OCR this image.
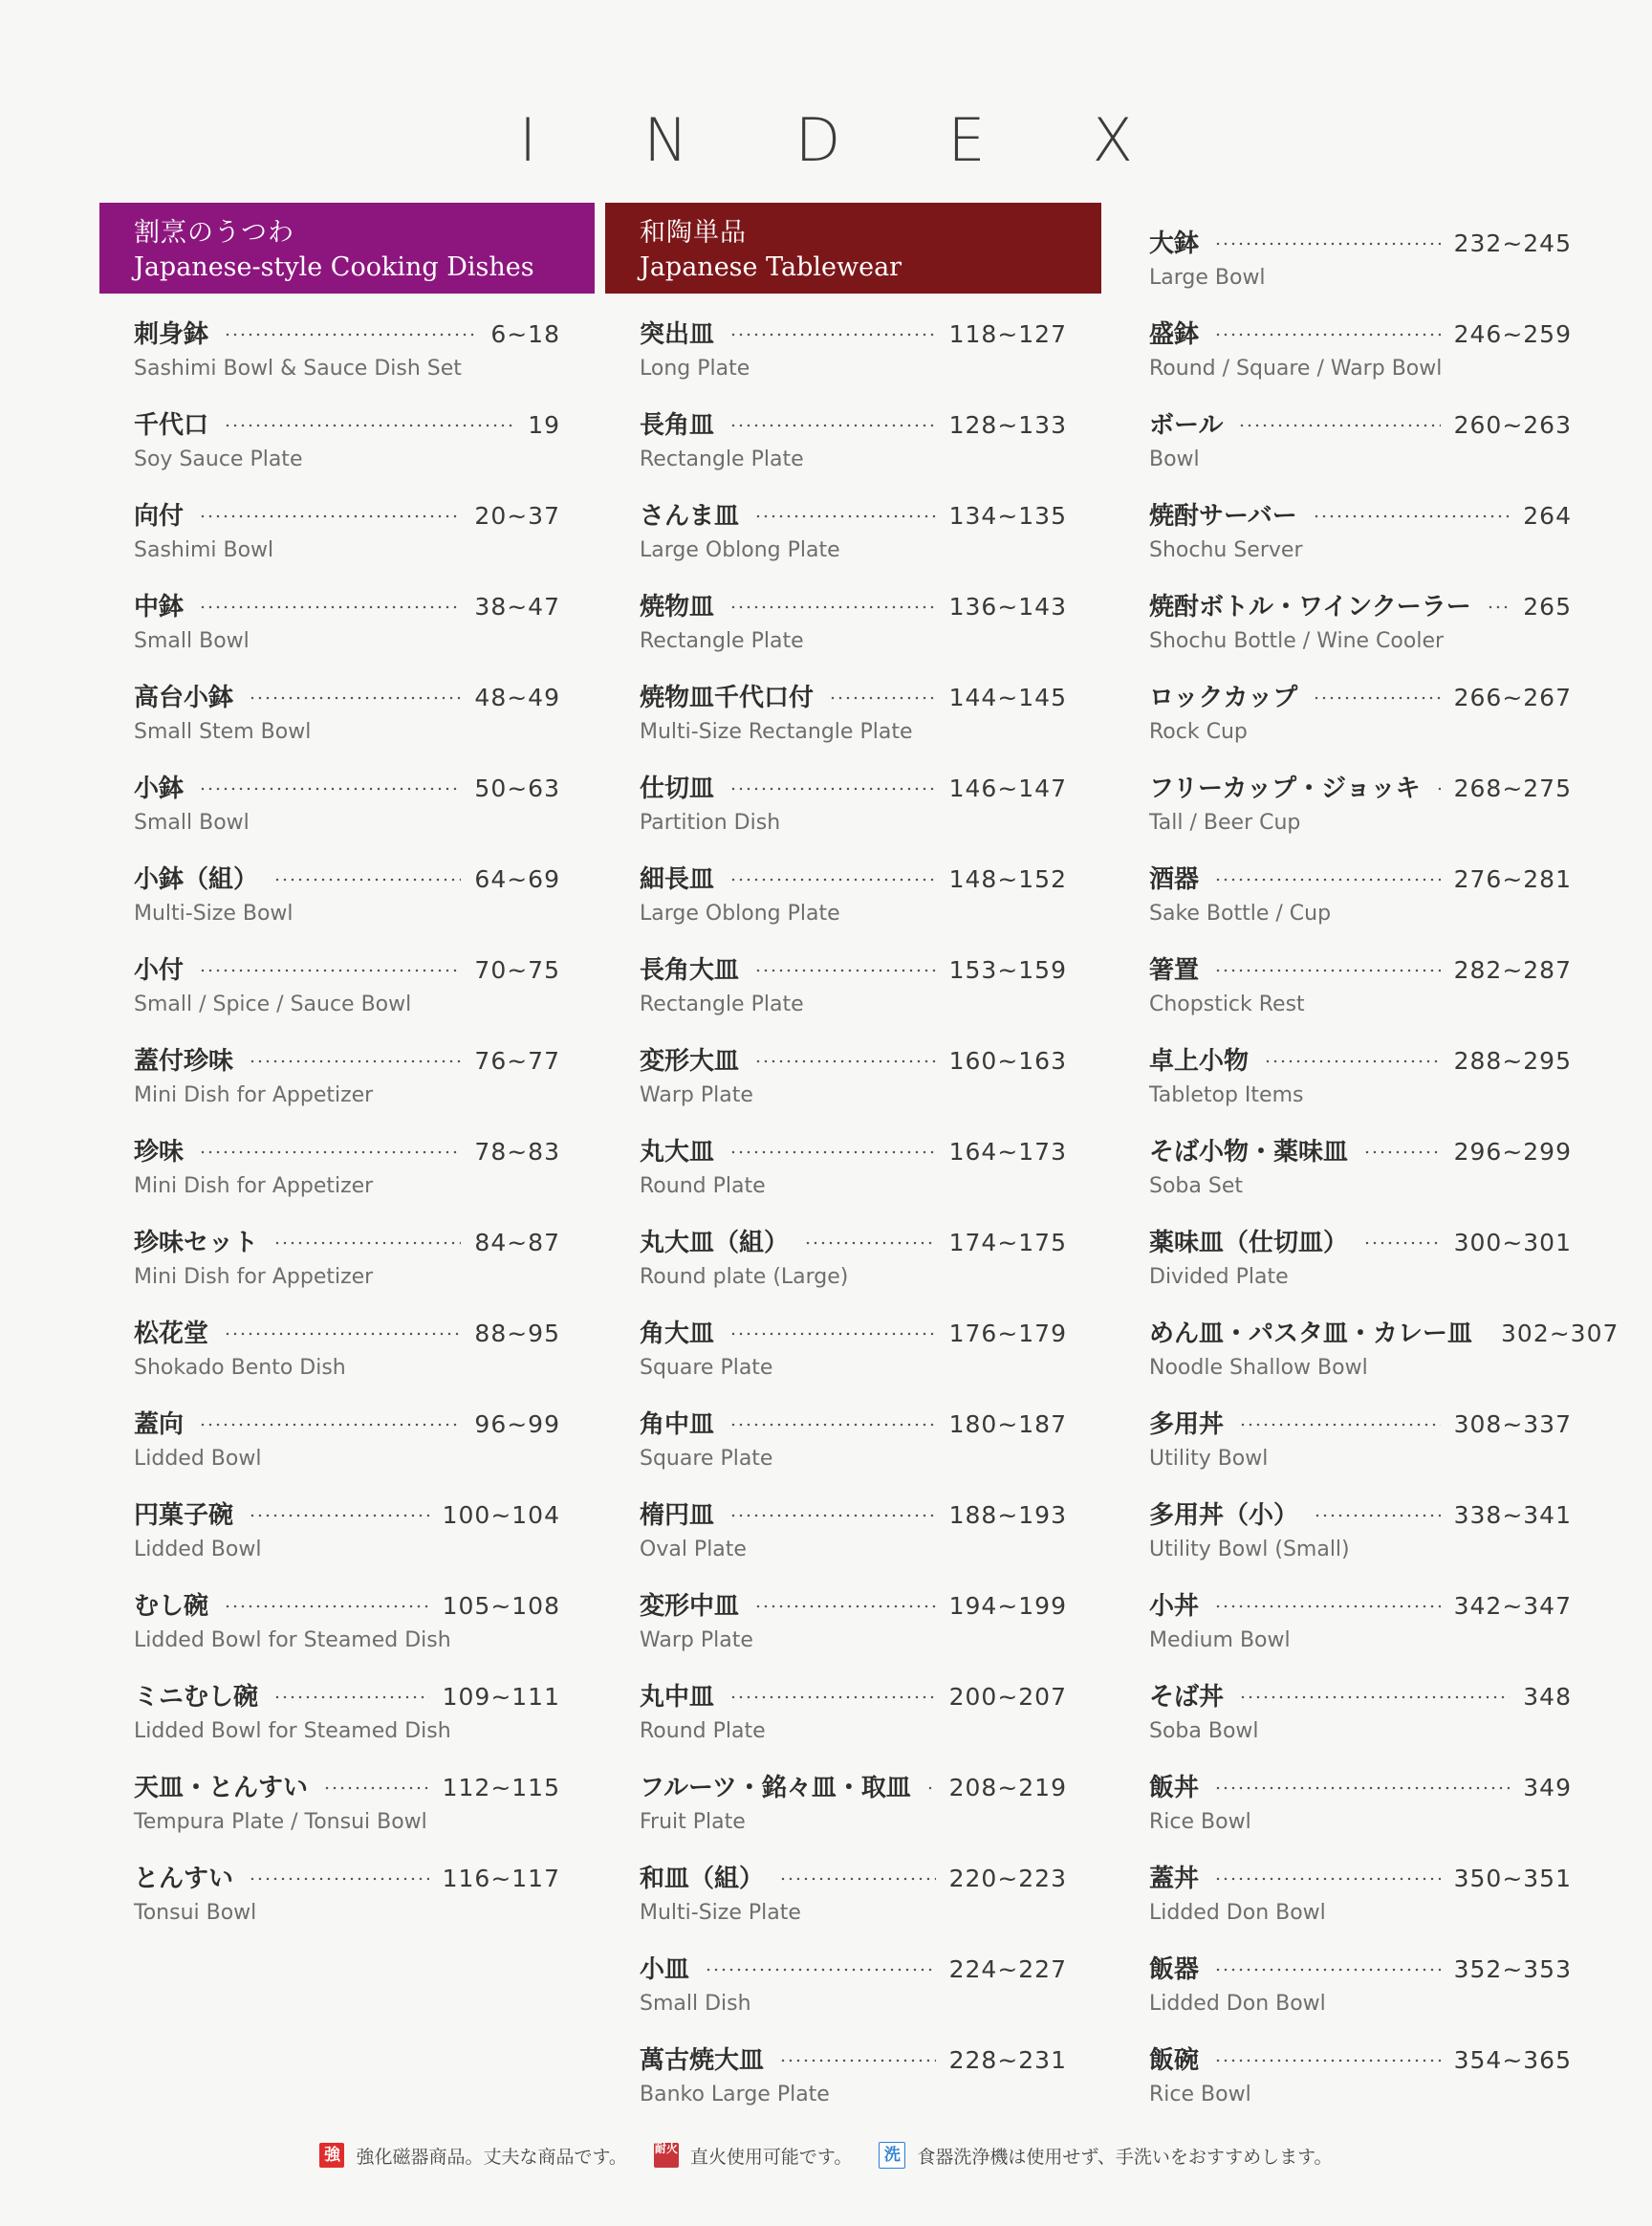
INDEX
割烹のうつわ
Japanese-style Cooking Dishes
刺身鉢	6~18
Sashimi Bowl & Sauce Dish Set
千代口	19
Soy Sauce Plate
向付	20~37
Sashimi Bowl
中鉢	38~47
Small Bowl
高台小鉢	48~49
Small Stem Bowl
小鉢	50~63
Small Bowl
小鉢（組）	64~69
Multi-Size Bowl
小付	70~75
Small / Spice / Sauce Bowl
蓋付珍味	76~77
Mini Dish for Appetizer
珍味	78~83
Mini Dish for Appetizer
珍味セット	84~87
Mini Dish for Appetizer
松花堂	88~95
Shokado Bento Dish
蓋向	96~99
Lidded Bowl
円菓子碗	100~104
Lidded Bowl
むし碗	105~108
Lidded Bowl for Steamed Dish
ミニむし碗	109~111
Lidded Bowl for Steamed Dish
天皿・とんすい	112~115
Tempura Plate / Tonsui Bowl
とんすい	116~117
Tonsui Bowl
和陶単品
Japanese Tablewear
突出皿	118~127
Long Plate
長角皿	128~133
Rectangle Plate
さんま皿	134~135
Large Oblong Plate
焼物皿	136~143
Rectangle Plate
焼物皿千代口付	144~145
Multi-Size Rectangle Plate
仕切皿	146~147
Partition Dish
細長皿	148~152
Large Oblong Plate
長角大皿	153~159
Rectangle Plate
変形大皿	160~163
Warp Plate
丸大皿	164~173
Round Plate
丸大皿（組）	174~175
Round plate (Large)
角大皿	176~179
Square Plate
角中皿	180~187
Square Plate
楕円皿	188~193
Oval Plate
変形中皿	194~199
Warp Plate
丸中皿	200~207
Round Plate
フルーツ・銘々皿・取皿 208~219
Fruit Plate
和皿（組）	220~223
Multi-Size Plate
小皿	224~227
Small Dish
萬古焼大皿	228~231
Banko Large Plate
大鉢	232~245
Large Bowl
盛鉢	246~259
Round / Square / Warp Bowl
ボール	260~263
Bowl
焼酎サーバー	264
Shochu Server
焼酎ボトル・ワインクーラー 265
Shochu Bottle / Wine Cooler
ロックカップ	266~267
Rock Cup
フリーカップ・ジョッキ 268~275
Tall / Beer Cup
酒器	276~281
Sake Bottle / Cup
箸置	282~287
Chopstick Rest
卓上小物	288~295
Tabletop Items
そば小物・薬味皿	296~299
Soba Set
薬味皿（仕切皿）	300~301
Divided Plate
めん皿・パスタ皿・カレー皿 302~307
Noodle Shallow Bowl
多用丼	308~337
Utility Bowl
多用丼（小）	338~341
Utility Bowl (Small)
小丼	342~347
Medium Bowl
そば丼	348
Soba Bowl
飯丼	349
Rice Bowl
蓋丼	350~351
Lidded Don Bowl
飯器	352~353
Lidded Don Bowl
飯碗	354~365
Rice Bowl
強 強化磁器商品。丈夫な商品です。 耐火 直火使用可能です。	洗 食器洗浄機は使用せず、手洗いをおすすめします。
